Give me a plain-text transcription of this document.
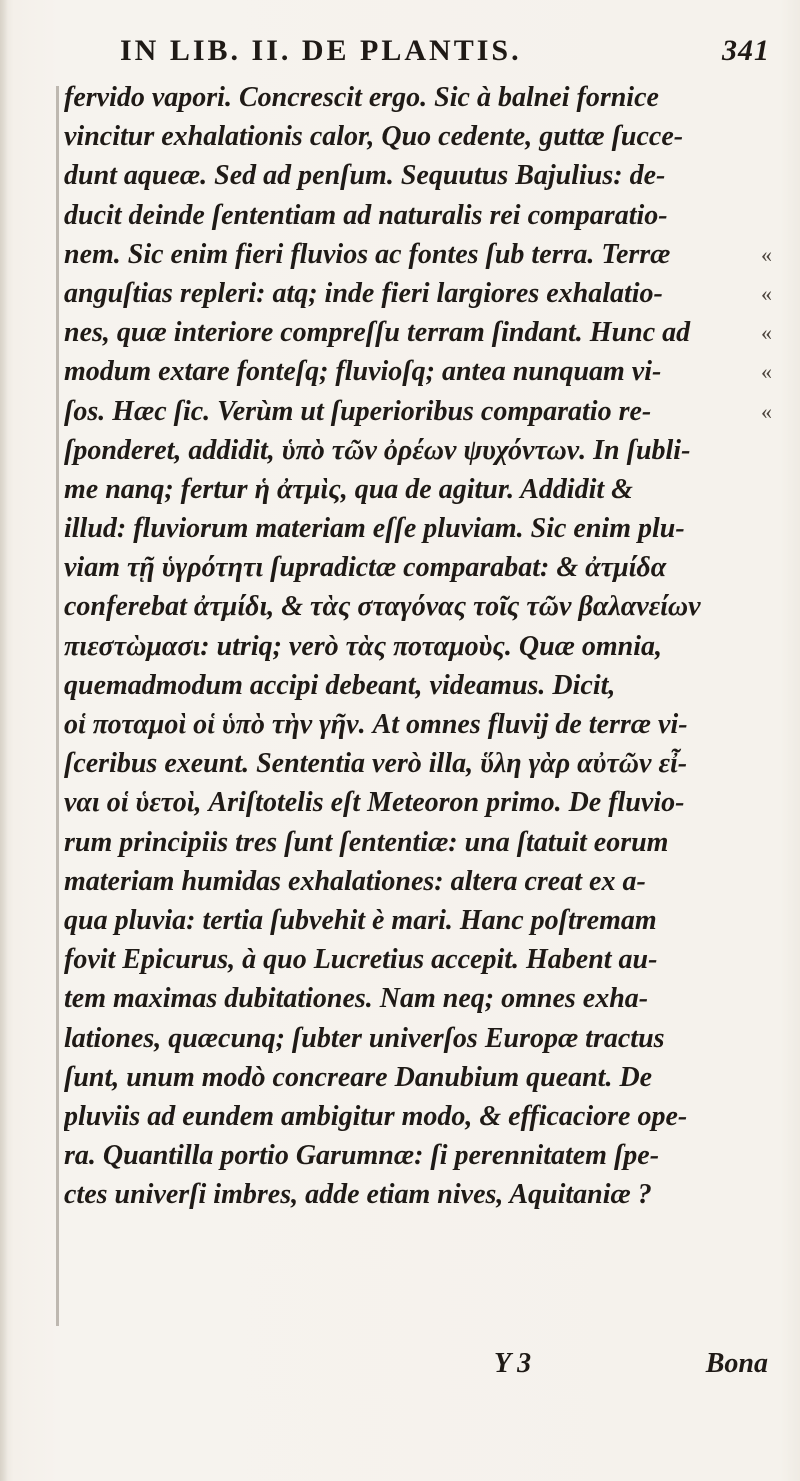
IN LIB. II. DE PLANTIS.	341
fervido vapori. Concrescit ergo. Sic à balnei fornice
vincitur exhalationis calor, Quo cedente, guttæ ſucce-
dunt aqueæ. Sed ad penſum. Sequutus Bajulius: de-
ducit deinde ſententiam ad naturalis rei comparatio-
nem. Sic enim fieri fluvios ac fontes ſub terra. Terræ	«
anguſtias repleri: atq; inde fieri largiores exhalatio-	«
nes, quæ interiore compreſſu terram ſindant. Hunc ad	«
modum extare fonteſq; fluvioſq; antea nunquam vi-	«
ſos. Hæc ſic. Verùm ut ſuperioribus comparatio re-	«
ſponderet, addidit, ὑπὸ τῶν ὀρέων ψυχόντων. In ſubli-
me nanq; fertur ἡ ἀτμὶς, qua de agitur. Addidit &
illud: fluviorum materiam eſſe pluviam. Sic enim plu-
viam τῇ ὑγρότητι ſupradictæ comparabat: & ἀτμίδα
conferebat ἀτμίδι, & τὰς σταγόνας τοῖς τῶν βαλανείων
πιεστὼμασι: utriq; verò τὰς ποταμοὺς. Quæ omnia,
quemadmodum accipi debeant, videamus. Dicit,
οἱ ποταμοὶ οἱ ὑπὸ τὴν γῆν. At omnes fluvij de terræ vi-
ſceribus exeunt. Sententia verò illa, ὕλη γὰρ αὐτῶν εἶ-
ναι οἱ ὑετοὶ, Ariſtotelis eſt Meteoron primo. De fluvio-
rum principiis tres ſunt ſententiæ: una ſtatuit eorum
materiam humidas exhalationes: altera creat ex a-
qua pluvia: tertia ſubvehit è mari. Hanc poſtremam
fovit Epicurus, à quo Lucretius accepit. Habent au-
tem maximas dubitationes. Nam neq; omnes exha-
lationes, quæcunq; ſubter univerſos Europæ tractus
ſunt, unum modò concreare Danubium queant. De
pluviis ad eundem ambigitur modo, & efficaciore ope-
ra. Quantilla portio Garumnæ: ſi perennitatem ſpe-
ctes univerſi imbres, adde etiam nives, Aquitaniæ ?
Y 3	Bona
